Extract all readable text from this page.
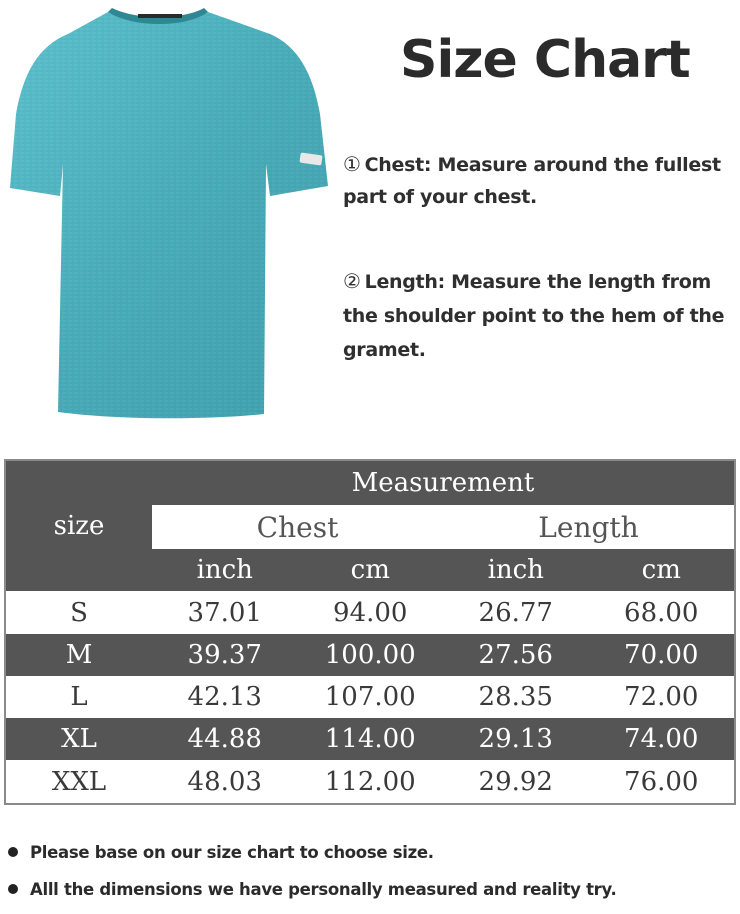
Size Chart
① Chest: Measure around the fullest part of your chest.
② Length: Measure the length from the shoulder point to the hem of the gramet.
size
Measurement
Chest	Length
inch	cm	inch	cm
S	37.01	94.00	26.77	68.00
M	39.37	100.00	27.56	70.00
L	42.13	107.00	28.35	72.00
XL	44.88	114.00	29.13	74.00
XXL	48.03	112.00	29.92	76.00
Please base on our size chart to choose size.
Alll the dimensions we have personally measured and reality try.
